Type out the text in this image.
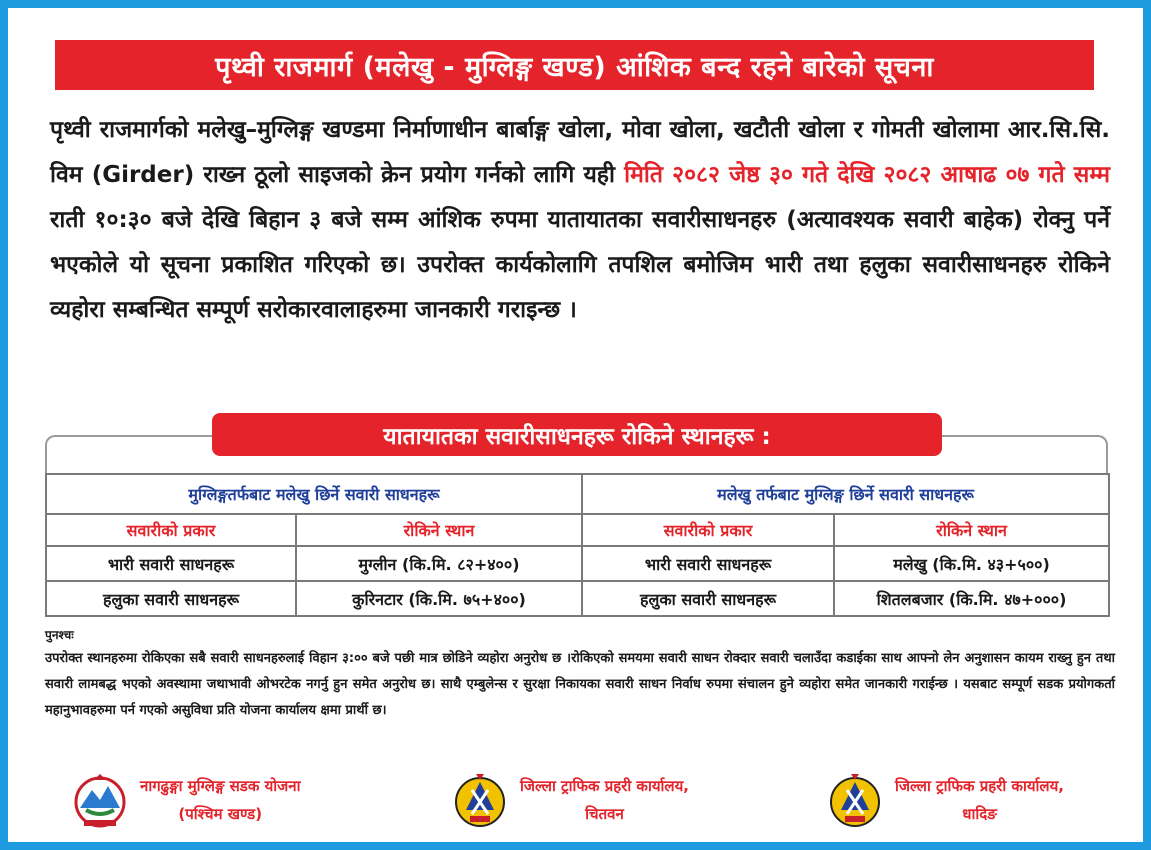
पृथ्वी राजमार्ग (मलेखु - मुग्लिङ्ग खण्ड) आंशिक बन्द रहने बारेको सूचना
पृथ्वी राजमार्गको मलेखु–मुग्लिङ्ग खण्डमा निर्माणाधीन बार्बाङ्ग खोला, मोवा खोला, खटौती खोला र गोमती खोलामा आर.सि.सि. विम (Girder) राख्न ठूलो साइजको क्रेन प्रयोग गर्नको लागि यही मिति २०८२ जेष्ठ ३० गते देखि २०८२ आषाढ ०७ गते सम्म राती १०:३० बजे देखि बिहान ३ बजे सम्म आंशिक रुपमा यातायातका सवारीसाधनहरु (अत्यावश्यक सवारी बाहेक) रोक्नु पर्ने भएकोले यो सूचना प्रकाशित गरिएको छ। उपरोक्त कार्यकोलागि तपशिल बमोजिम भारी तथा हलुका सवारीसाधनहरु रोकिने व्यहोरा सम्बन्धित सम्पूर्ण सरोकारवालाहरुमा जानकारी गराइन्छ ।
यातायातका सवारीसाधनहरू रोकिने स्थानहरू :
मुग्लिङ्गतर्फबाट मलेखु छिर्ने सवारी साधनहरू		मलेखु तर्फबाट मुग्लिङ्ग छिर्ने सवारी साधनहरू	
सवारीको प्रकार	रोकिने स्थान	सवारीको प्रकार	रोकिने स्थान
भारी सवारी साधनहरू	मुग्लीन (कि.मि. ८२+४००)	भारी सवारी साधनहरू	मलेखु (कि.मि. ४३+५००)
हलुका सवारी साधनहरू	कुरिनटार (कि.मि. ७५+४००)	हलुका सवारी साधनहरू	शितलबजार (कि.मि. ४७+०००)
पुनश्चः
उपरोक्त स्थानहरुमा रोकिएका सबै सवारी साधनहरुलाई विहान ३:०० बजे पछी मात्र छोडिने व्यहोरा अनुरोध छ ।रोकिएको समयमा सवारी साधन रोक्दार सवारी चलाउँदा कडाईका साथ आफ्नो लेन अनुशासन कायम राख्नु हुन तथा सवारी लामबद्ध भएको अवस्थामा जथाभावी ओभरटेक नगर्नु हुन समेत अनुरोध छ। साथै एम्बुलेन्स र सुरक्षा निकायका सवारी साधन निर्वाध रुपमा संचालन हुने व्यहोरा समेत जानकारी गराईन्छ । यसबाट सम्पूर्ण सडक प्रयोगकर्ता महानुभावहरुमा पर्न गएको असुविधा प्रति योजना कार्यालय क्षमा प्रार्थी छ।
नागढुङ्गा मुग्लिङ्ग सडक योजना
(पश्चिम खण्ड)
जिल्ला ट्राफिक प्रहरी कार्यालय,
चितवन
जिल्ला ट्राफिक प्रहरी कार्यालय,
धादिङ
